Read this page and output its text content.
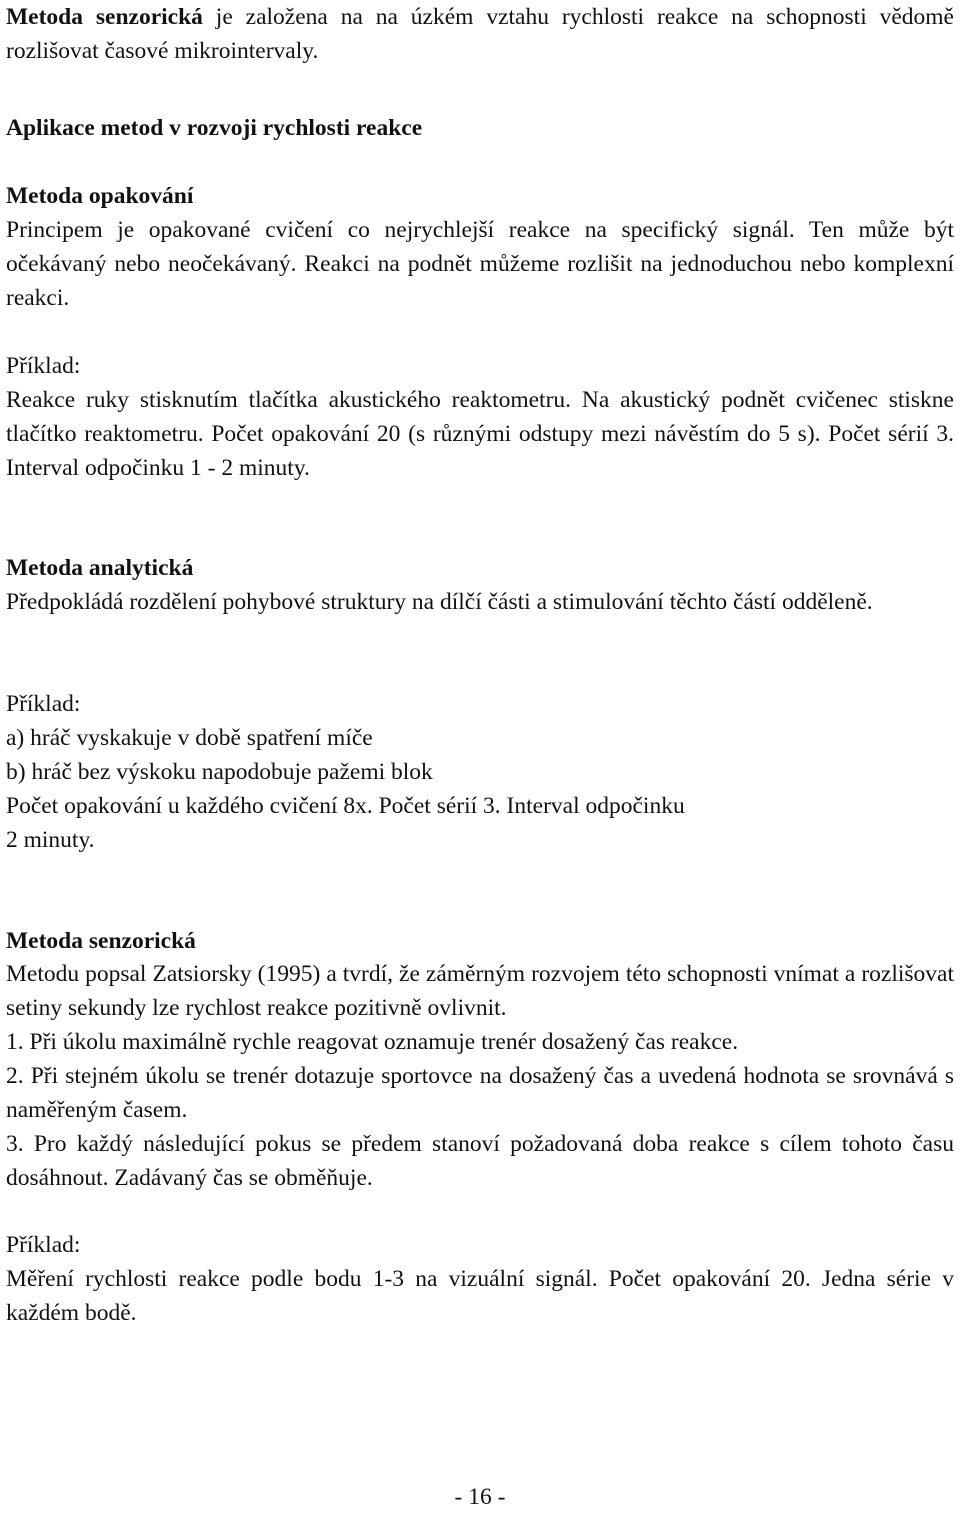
Metoda senzorická je založena na na úzkém vztahu rychlosti reakce na schopnosti vědomě rozlišovat časové mikrointervaly.

Aplikace metod v rozvoji rychlosti reakce

Metoda opakování

Principem je opakované cvičení co nejrychlejší reakce na specifický signál. Ten může být očekávaný nebo neočekávaný. Reakci na podnět můžeme rozlišit na jednoduchou nebo komplexní reakci.

Příklad:

Reakce ruky stisknutím tlačítka akustického reaktometru. Na akustický podnět cvičenec stiskne tlačítko reaktometru. Počet opakování 20 (s různými odstupy mezi návěstím do 5 s). Počet sérií 3. Interval odpočinku 1 - 2 minuty.

Metoda analytická

Předpokládá rozdělení pohybové struktury na dílčí části a stimulování těchto částí odděleně.

Příklad:

a) hráč vyskakuje v době spatření míče

b) hráč bez výskoku napodobuje pažemi blok

Počet opakování u každého cvičení 8x. Počet sérií 3. Interval odpočinku

2 minuty.

Metoda senzorická

Metodu popsal Zatsiorsky (1995) a tvrdí, že záměrným rozvojem této schopnosti vnímat a rozlišovat setiny sekundy lze rychlost reakce pozitivně ovlivnit.

1. Při úkolu maximálně rychle reagovat oznamuje trenér dosažený čas reakce.

2. Při stejném úkolu se trenér dotazuje sportovce na dosažený čas a uvedená hodnota se srovnává s naměřeným časem.

3. Pro každý následující pokus se předem stanoví požadovaná doba reakce s cílem tohoto času dosáhnout. Zadávaný čas se obměňuje.

Příklad:

Měření rychlosti reakce podle bodu 1-3 na vizuální signál. Počet opakování 20. Jedna série v každém bodě.

- 16 -
